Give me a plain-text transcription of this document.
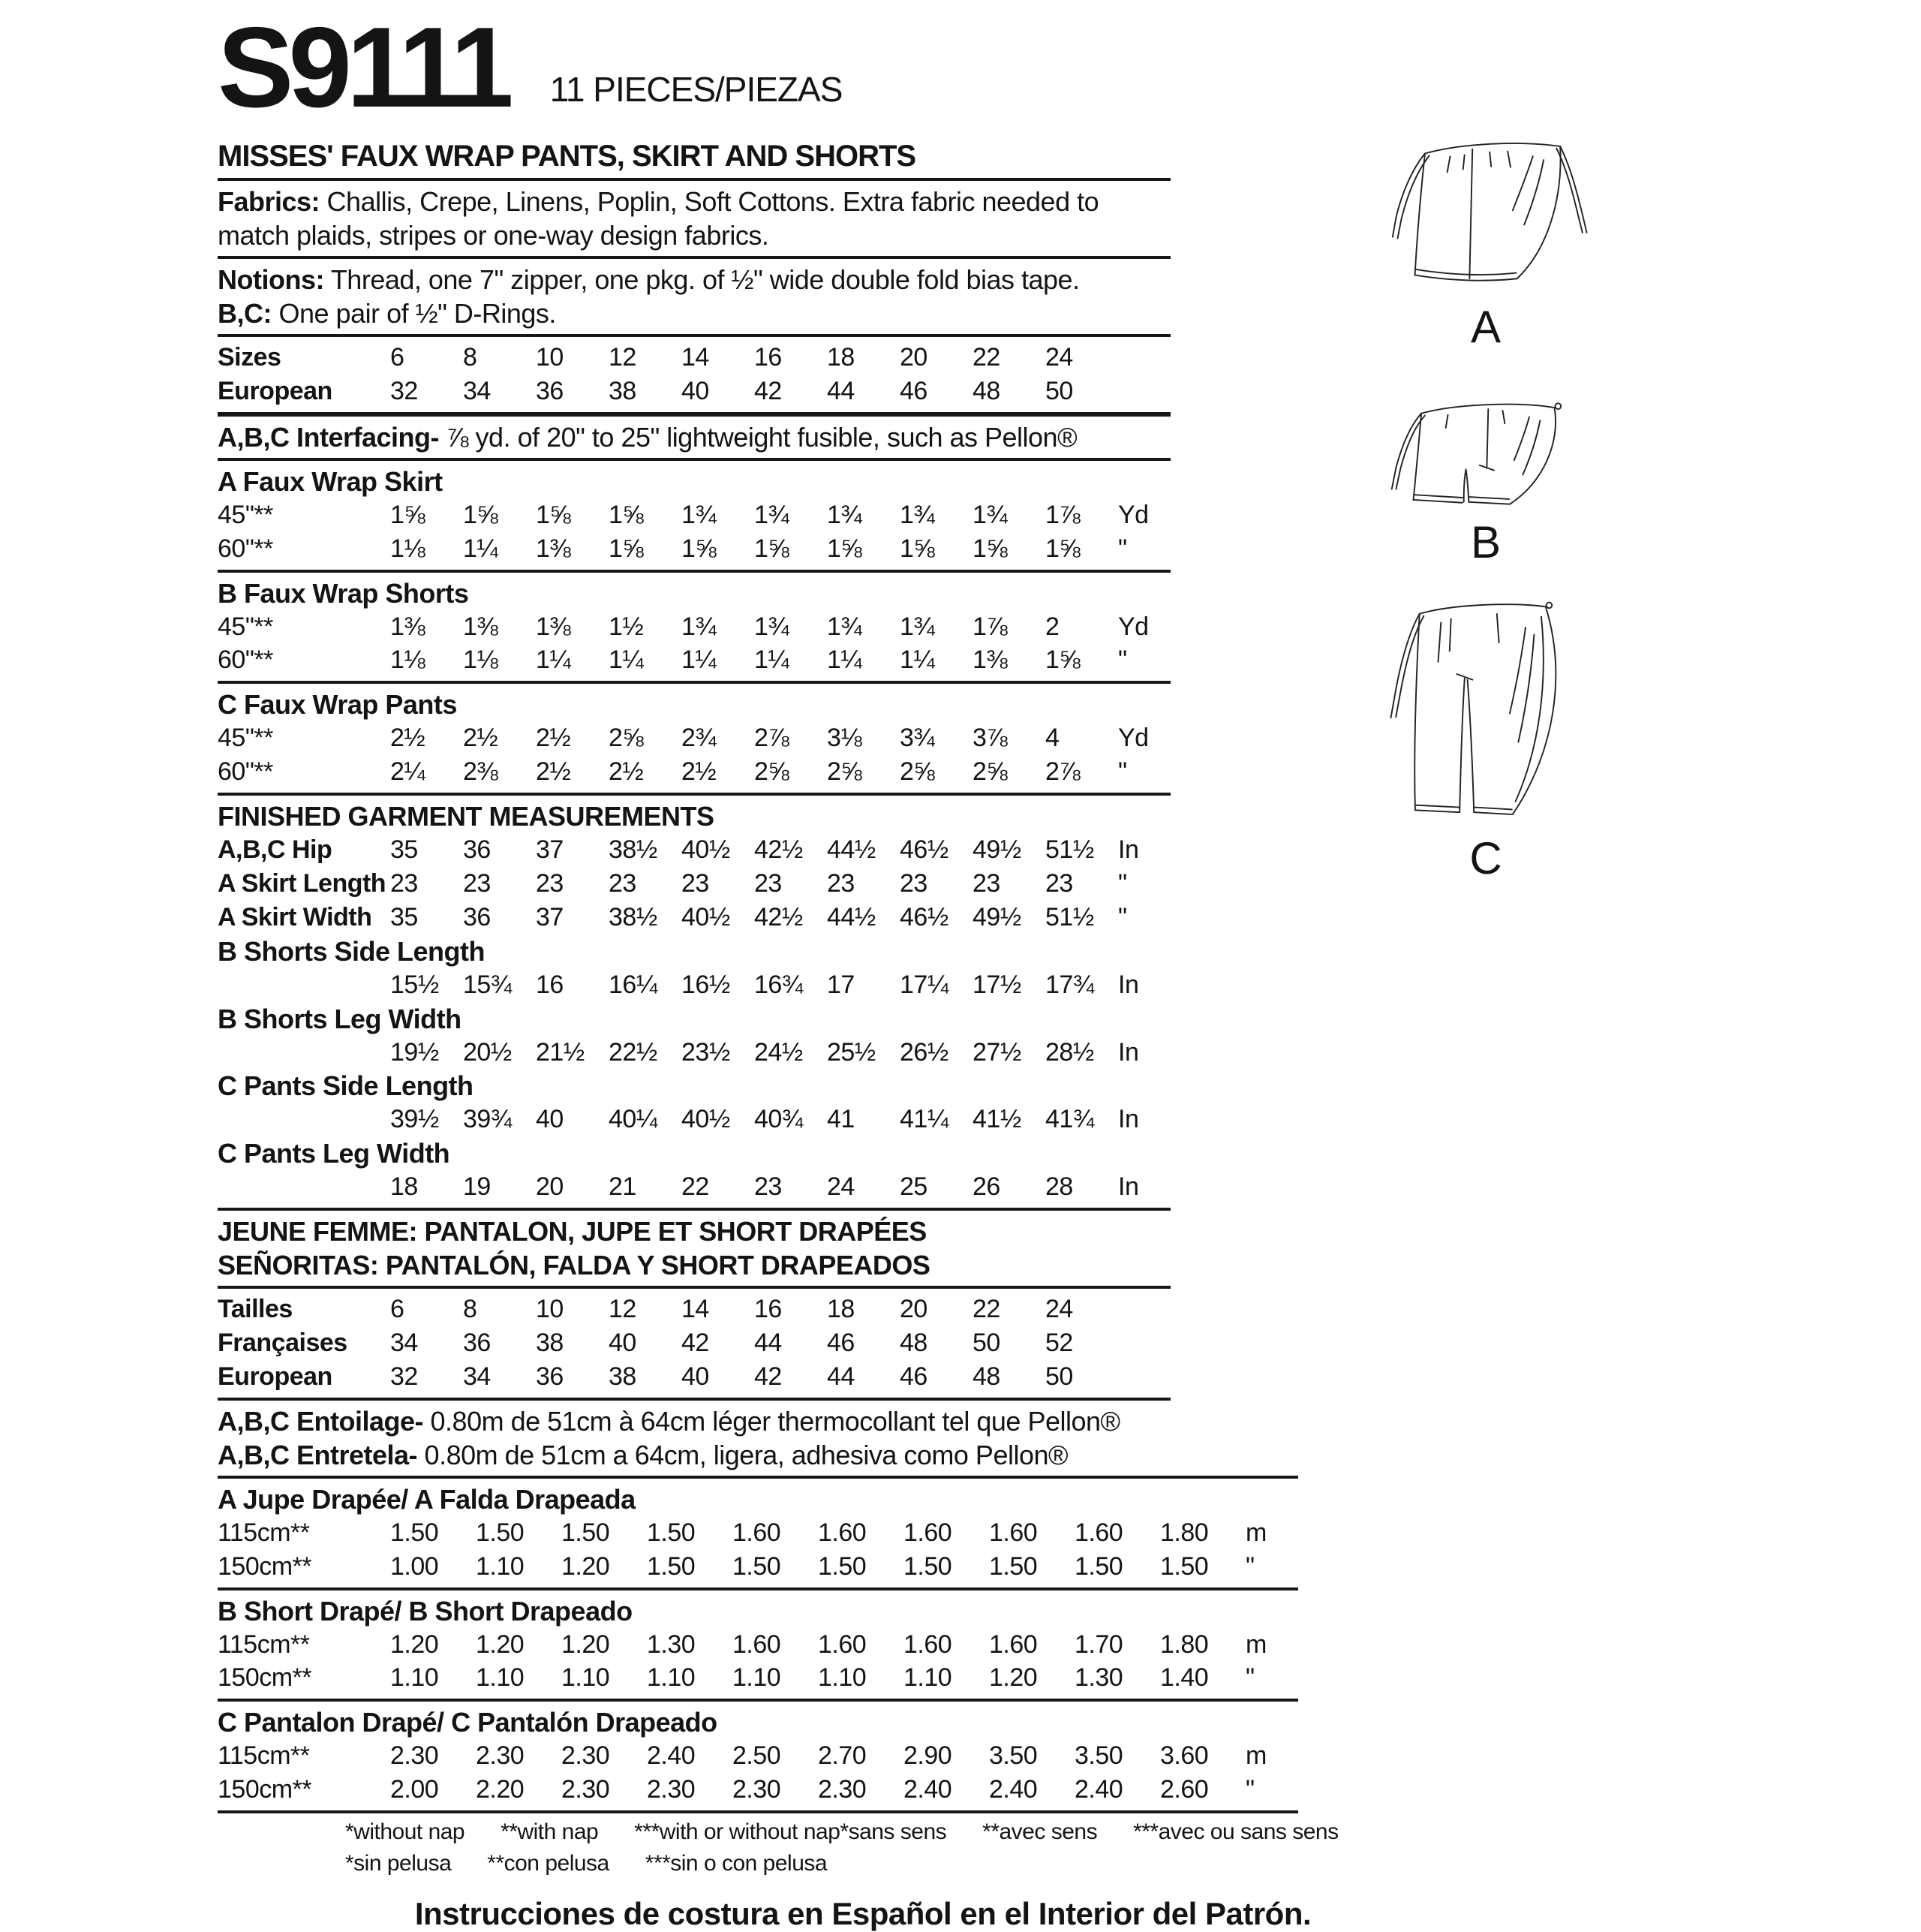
S9111	11 PIECES/PIEZAS
MISSES' FAUX WRAP PANTS, SKIRT AND SHORTS
Fabrics: Challis, Crepe, Linens, Poplin, Soft Cottons. Extra fabric needed to match plaids, stripes or one-way design fabrics.
Notions: Thread, one 7" zipper, one pkg. of ½" wide double fold bias tape.
B,C: One pair of ½" D-Rings.
Sizes	6	8	10	12	14	16	18	20	22	24
European	32	34	36	38	40	42	44	46	48	50
A,B,C Interfacing- ⅞ yd. of 20" to 25" lightweight fusible, such as Pellon®
A Faux Wrap Skirt
45"**	1⅝	1⅝	1⅝	1⅝	1¾	1¾	1¾	1¾	1¾	1⅞	Yd
60"**	1⅛	1¼	1⅜	1⅝	1⅝	1⅝	1⅝	1⅝	1⅝	1⅝	"
B Faux Wrap Shorts
45"**	1⅜	1⅜	1⅜	1½	1¾	1¾	1¾	1¾	1⅞	2	Yd
60"**	1⅛	1⅛	1¼	1¼	1¼	1¼	1¼	1¼	1⅜	1⅝	"
C Faux Wrap Pants
45"**	2½	2½	2½	2⅝	2¾	2⅞	3⅛	3¾	3⅞	4	Yd
60"**	2¼	2⅜	2½	2½	2½	2⅝	2⅝	2⅝	2⅝	2⅞	"
FINISHED GARMENT MEASUREMENTS
A,B,C Hip	35	36	37	38½ 40½ 42½ 44½ 46½ 49½ 51½ In
A Skirt Length 23	23	23	23	23	23	23	23	23	23	"
A Skirt Width 35	36	37	38½ 40½ 42½ 44½ 46½ 49½ 51½ "
B Shorts Side Length
15½ 15¾ 16	16¼ 16½ 16¾ 17	17¼ 17½ 17¾ In
B Shorts Leg Width
19½ 20½ 21½ 22½ 23½ 24½ 25½ 26½ 27½ 28½ In
C Pants Side Length
39½ 39¾ 40	40¼ 40½ 40¾ 41	41¼ 41½ 41¾ In
C Pants Leg Width
18	19	20	21	22	23	24	25	26	28	In
JEUNE FEMME: PANTALON, JUPE ET SHORT DRAPÉES
SEÑORITAS: PANTALÓN, FALDA Y SHORT DRAPEADOS
Tailles	6	8	10	12	14	16	18	20	22	24
Françaises	34	36	38	40	42	44	46	48	50	52
European	32	34	36	38	40	42	44	46	48	50
A,B,C Entoilage- 0.80m de 51cm à 64cm léger thermocollant tel que Pellon®
A,B,C Entretela- 0.80m de 51cm a 64cm, ligera, adhesiva como Pellon®
A Jupe Drapée/ A Falda Drapeada
115cm**	1.50	1.50	1.50	1.50	1.60	1.60	1.60	1.60	1.60	1.80	m
150cm**	1.00	1.10	1.20	1.50	1.50	1.50	1.50	1.50	1.50	1.50	"
B Short Drapé/ B Short Drapeado
115cm**	1.20	1.20	1.20	1.30	1.60	1.60	1.60	1.60	1.70	1.80	m
150cm**	1.10	1.10	1.10	1.10	1.10	1.10	1.10	1.20	1.30	1.40	"
C Pantalon Drapé/ C Pantalón Drapeado
115cm**	2.30	2.30	2.30	2.40	2.50	2.70	2.90	3.50	3.50	3.60	m
150cm**	2.00	2.20	2.30	2.30	2.30	2.30	2.40	2.40	2.40	2.60	"
*without nap **with nap ***with or without nap *sans sens **avec sens ***avec ou sans sens
*sin pelusa **con pelusa ***sin o con pelusa
Instrucciones de costura en Español en el Interior del Patrón.
A
B
C
